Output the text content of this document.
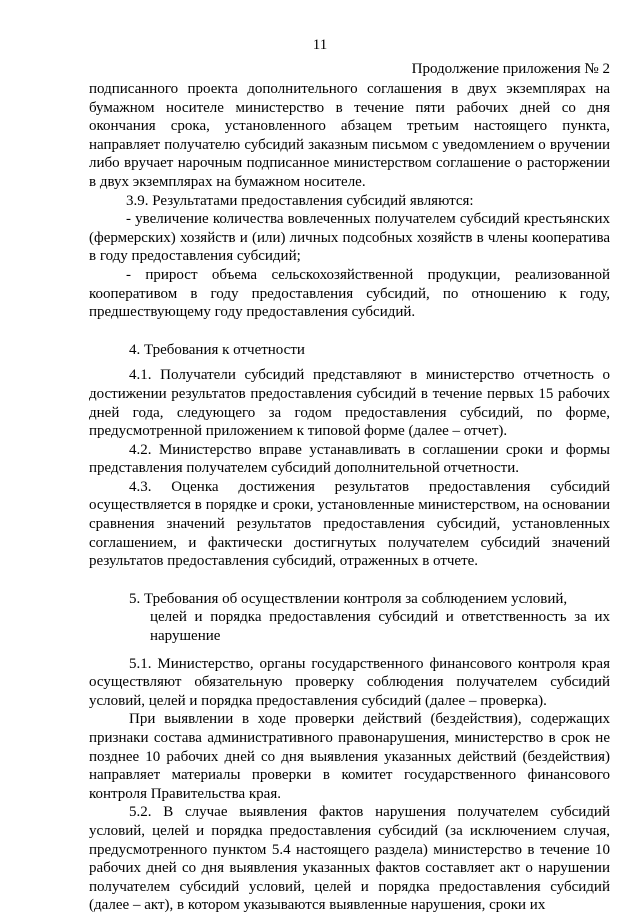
11
Продолжение приложения № 2

подписанного проекта дополнительного соглашения в двух экземплярах на бумажном носителе министерство в течение пяти рабочих дней со дня окончания срока, установленного абзацем третьим настоящего пункта, направляет получателю субсидий заказным письмом с уведомлением о вручении либо вручает нарочным подписанное министерством соглашение о расторжении в двух экземплярах на бумажном носителе.

3.9. Результатами предоставления субсидий являются:

- увеличение количества вовлеченных получателем субсидий крестьянских (фермерских) хозяйств и (или) личных подсобных хозяйств в члены кооператива в году предоставления субсидий;

- прирост объема сельскохозяйственной продукции, реализованной кооперативом в году предоставления субсидий, по отношению к году, предшествующему году предоставления субсидий.

4. Требования к отчетности

4.1. Получатели субсидий представляют в министерство отчетность о достижении результатов предоставления субсидий в течение первых 15 рабочих дней года, следующего за годом предоставления субсидий, по форме, предусмотренной приложением к типовой форме (далее – отчет).

4.2. Министерство вправе устанавливать в соглашении сроки и формы представления получателем субсидий дополнительной отчетности.

4.3. Оценка достижения результатов предоставления субсидий осуществляется в порядке и сроки, установленные министерством, на основании сравнения значений результатов предоставления субсидий, установленных соглашением, и фактически достигнутых получателем субсидий значений результатов предоставления субсидий, отраженных в отчете.

5. Требования об осуществлении контроля за соблюдением условий,
целей и порядка предоставления субсидий и ответственность за их нарушение

5.1. Министерство, органы государственного финансового контроля края осуществляют обязательную проверку соблюдения получателем субсидий условий, целей и порядка предоставления субсидий (далее – проверка).

При выявлении в ходе проверки действий (бездействия), содержащих признаки состава административного правонарушения, министерство в срок не позднее 10 рабочих дней со дня выявления указанных действий (бездействия) направляет материалы проверки в комитет государственного финансового контроля Правительства края.

5.2. В случае выявления фактов нарушения получателем субсидий условий, целей и порядка предоставления субсидий (за исключением случая, предусмотренного пунктом 5.4 настоящего раздела) министерство в течение 10 рабочих дней со дня выявления указанных фактов составляет акт о нарушении получателем субсидий условий, целей и порядка предоставления субсидий (далее – акт), в котором указываются выявленные нарушения, сроки их
